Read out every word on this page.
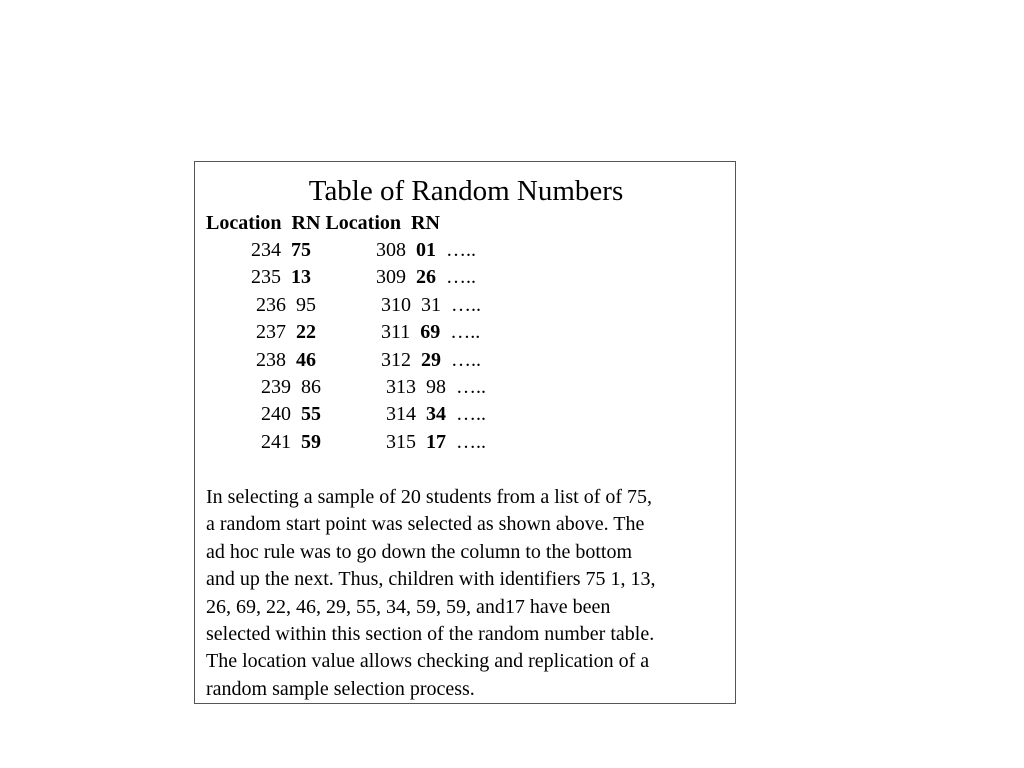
Table of Random Numbers
Location  RN Location  RN
234 75	308 01 …..
235 13	309 26 …..
236 95	310 31 …..
237 22	311 69 …..
238 46	312 29 …..
239 86	313 98 …..
240 55	314 34 …..
241 59	315 17 …..
In selecting a sample of 20 students from a list of of 75,
a random start point was selected as shown above. The
ad hoc rule was to go down the column to the bottom
and up the next. Thus, children with identifiers 75 1, 13,
26, 69, 22, 46, 29, 55, 34, 59, 59, and17 have been
selected within this section of the random number table.
The location value allows checking and replication of a
random sample selection process.
